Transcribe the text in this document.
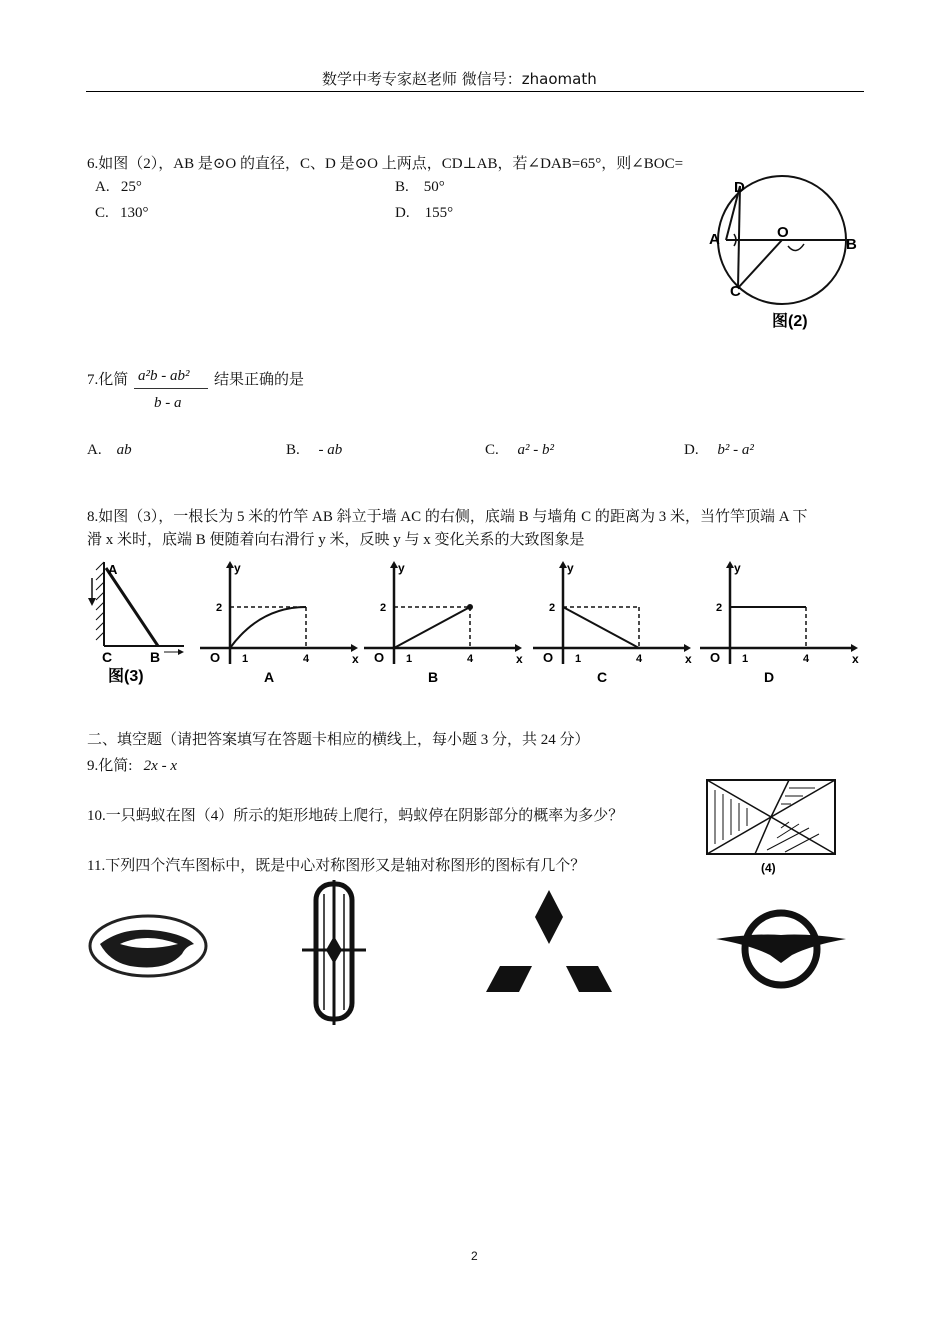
数学中考专家赵老师 微信号：zhaomath
6.如图（2），AB 是⊙O 的直径，C、D 是⊙O 上两点，CD⊥AB，若∠DAB=65°，则∠BOC=
A. 25°	B. 50°
C. 130°	D. 155°
D
A	O
B
C
图(2)
7.化简 a²b - ab²
b - a
结果正确的是
A. ab	B. - ab	C. a² - b²	D. b² - a²
8.如图（3），一根长为 5 米的竹竿 AB 斜立于墙 AC 的右侧，底端 B 与墙角 C 的距离为 3 米，当竹竿顶端 A 下
滑 x 米时，底端 B 便随着向右滑行 y 米，反映 y 与 x 变化关系的大致图象是
A
C	B
图(3)
y
2
O 1	4	x
A
y
2
O 1	4	x
B
y
2
O 1	4	x
C
y
2
O 1	4	x
D
二、填空题（请把答案填写在答题卡相应的横线上，每小题 3 分，共 24 分）
9.化简: 2x - x
10.一只蚂蚁在图（4）所示的矩形地砖上爬行，蚂蚁停在阴影部分的概率为多少？
11.下列四个汽车图标中，既是中心对称图形又是轴对称图形的图标有几个？	(4)
2
